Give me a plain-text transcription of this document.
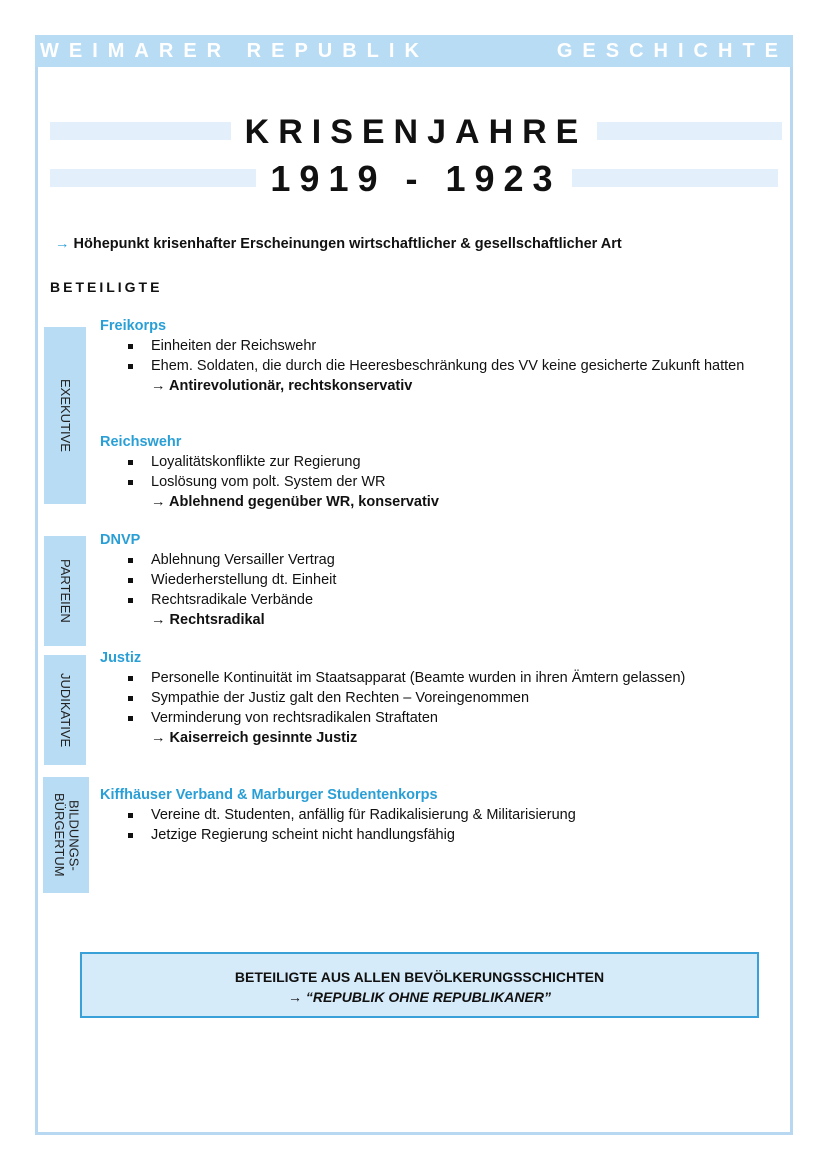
WEIMARER REPUBLIK	GESCHICHTE
KRISENJAHRE
1919 - 1923
→ Höhepunkt krisenhafter Erscheinungen wirtschaftlicher & gesellschaftlicher Art
BETEILIGTE
EXEKUTIVE
PARTEIEN
JUDIKATIVE
BILDUNGS-
BÜRGERTUM
Freikorps
Einheiten der Reichswehr
Ehem. Soldaten, die durch die Heeresbeschränkung des VV keine gesicherte Zukunft hatten
→ Antirevolutionär, rechtskonservativ
Reichswehr
Loyalitätskonflikte zur Regierung
Loslösung vom polt. System der WR
→ Ablehnend gegenüber WR, konservativ
DNVP
Ablehnung Versailler Vertrag
Wiederherstellung dt. Einheit
Rechtsradikale Verbände
→ Rechtsradikal
Justiz
Personelle Kontinuität im Staatsapparat (Beamte wurden in ihren Ämtern gelassen)
Sympathie der Justiz galt den Rechten – Voreingenommen
Verminderung von rechtsradikalen Straftaten
→ Kaiserreich gesinnte Justiz
Kiffhäuser Verband & Marburger Studentenkorps
Vereine dt. Studenten, anfällig für Radikalisierung & Militarisierung
Jetzige Regierung scheint nicht handlungsfähig
BETEILIGTE AUS ALLEN BEVÖLKERUNGSSCHICHTEN
→ “REPUBLIK OHNE REPUBLIKANER”
